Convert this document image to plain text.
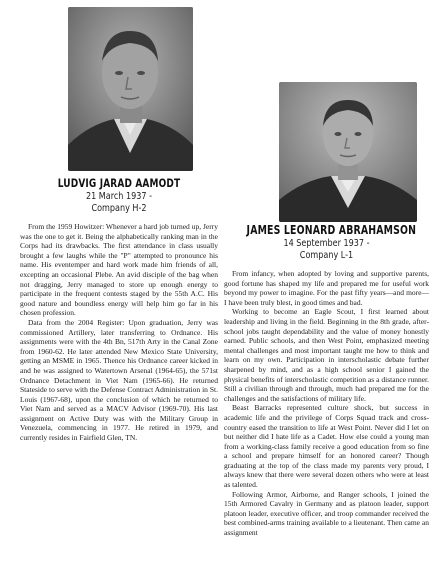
LUDVIG JARAD AAMODT
21 March 1937 -
Company H-2

From the 1959 Howitzer: Whenever a hard job turned up, Jerry was the one to get it. Being the alphabetically ranking man in the Corps had its drawbacks. The first attendance in class usually brought a few laughs while the "P" attempted to pronounce his name. His eventemper and hard work made him friends of all, excepting an occasional Plebe. An avid disciple of the bag when not dragging, Jerry managed to store up enough energy to participate in the frequent contests staged by the 55th A.C. His good nature and boundless energy will help him go far in his chosen profession.

Data from the 2004 Register: Upon graduation, Jerry was commissioned Artillery, later transferring to Ordnance. His assignments were with the 4th Bn, 517th Arty in the Canal Zone from 1960-62. He later attended New Mexico State University, getting an MSME in 1965. Thence his Ordnance career kicked in and he was assigned to Watertown Arsenal (1964-65), the 571st Ordnance Detachment in Viet Nam (1965-66). He returned Stateside to serve with the Defense Contract Administration in St. Louis (1967-68), upon the conclusion of which he returned to Viet Nam and served as a MACV Advisor (1969-70). His last assignment on Active Duty was with the Military Group in Venezuela, commencing in 1977. He retired in 1979, and currently resides in Fairfield Glen, TN.

JAMES LEONARD ABRAHAMSON
14 September 1937 -
Company L-1

From infancy, when adopted by loving and supportive parents, good fortune has shaped my life and prepared me for useful work beyond my power to imagine. For the past fifty years—and more—I have been truly blest, in good times and bad.

Working to become an Eagle Scout, I first learned about leadership and living in the field. Beginning in the 8th grade, after-school jobs taught dependability and the value of money honestly earned. Public schools, and then West Point, emphasized meeting mental challenges and most important taught me how to think and learn on my own. Participation in interscholastic debate further sharpened by mind, and as a high school senior I gained the physical benefits of interscholastic competition as a distance runner. Still a civilian through and through, much had prepared me for the challenges and the satisfactions of military life.

Beast Barracks represented culture shock, but success in academic life and the privilege of Corps Squad track and cross-country eased the transition to life at West Point. Never did I let on but neither did I hate life as a Cadet. How else could a young man from a working-class family receive a good education from so fine a school and prepare himself for an honored career? Though graduating at the top of the class made my parents very proud, I always knew that there were several dozen others who were at least as talented.

Following Armor, Airborne, and Ranger schools, I joined the 15th Armored Cavalry in Germany and as platoon leader, support platoon leader, executive officer, and troop commander received the best combined-arms training available to a lieutenant. Then came an assignment
